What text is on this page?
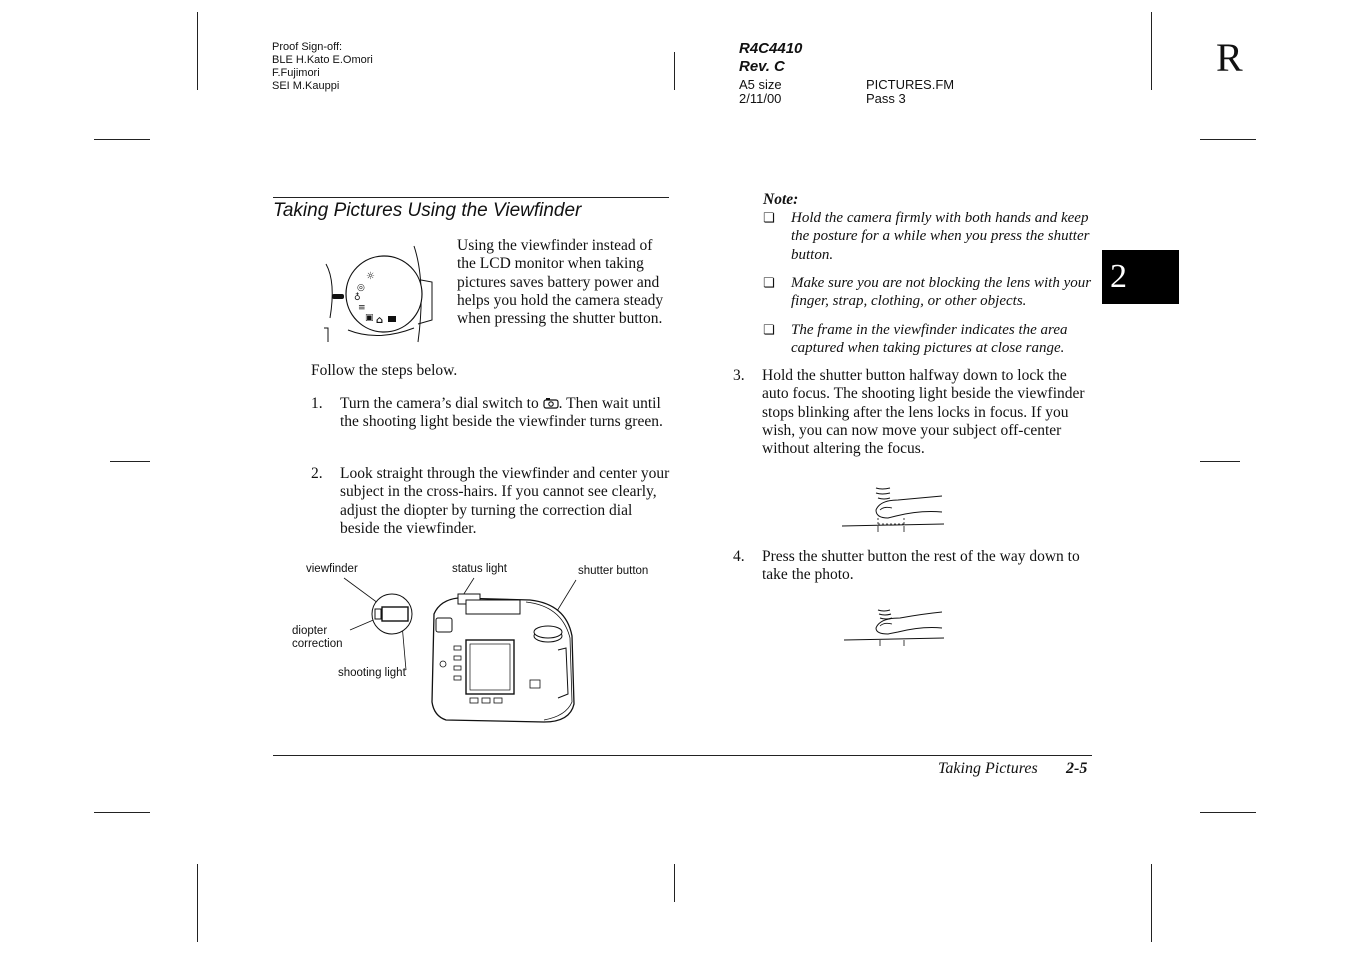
Proof Sign-off:
BLE H.Kato E.Omori
F.Fujimori
SEI M.Kauppi
R4C4410
Rev. C
A5 size
2/11/00
PICTURES.FM
Pass 3
R
2
Taking Pictures Using the Viewfinder
☼
◎
♁
≡
▣ ⌂
Using the viewfinder instead of the LCD monitor when taking pictures saves battery power and helps you hold the camera steady when pressing the shutter button.
Follow the steps below.
1. Turn the camera’s dial switch to . Then wait until the shooting light beside the viewfinder turns green.
2. Look straight through the viewfinder and center your subject in the cross-hairs. If you cannot see clearly, adjust the diopter by turning the correction dial beside the viewfinder.
viewfinder	status light	shutter button
diopter
correction
shooting light
Note:
❏ Hold the camera firmly with both hands and keep the posture for a while when you press the shutter button.
❏ Make sure you are not blocking the lens with your finger, strap, clothing, or other objects.
❏ The frame in the viewfinder indicates the area captured when taking pictures at close range.
3. Hold the shutter button halfway down to lock the auto focus. The shooting light beside the viewfinder stops blinking after the lens locks in focus. If you wish, you can now move your subject off-center without altering the focus.
4. Press the shutter button the rest of the way down to take the photo.
Taking Pictures 2-5
